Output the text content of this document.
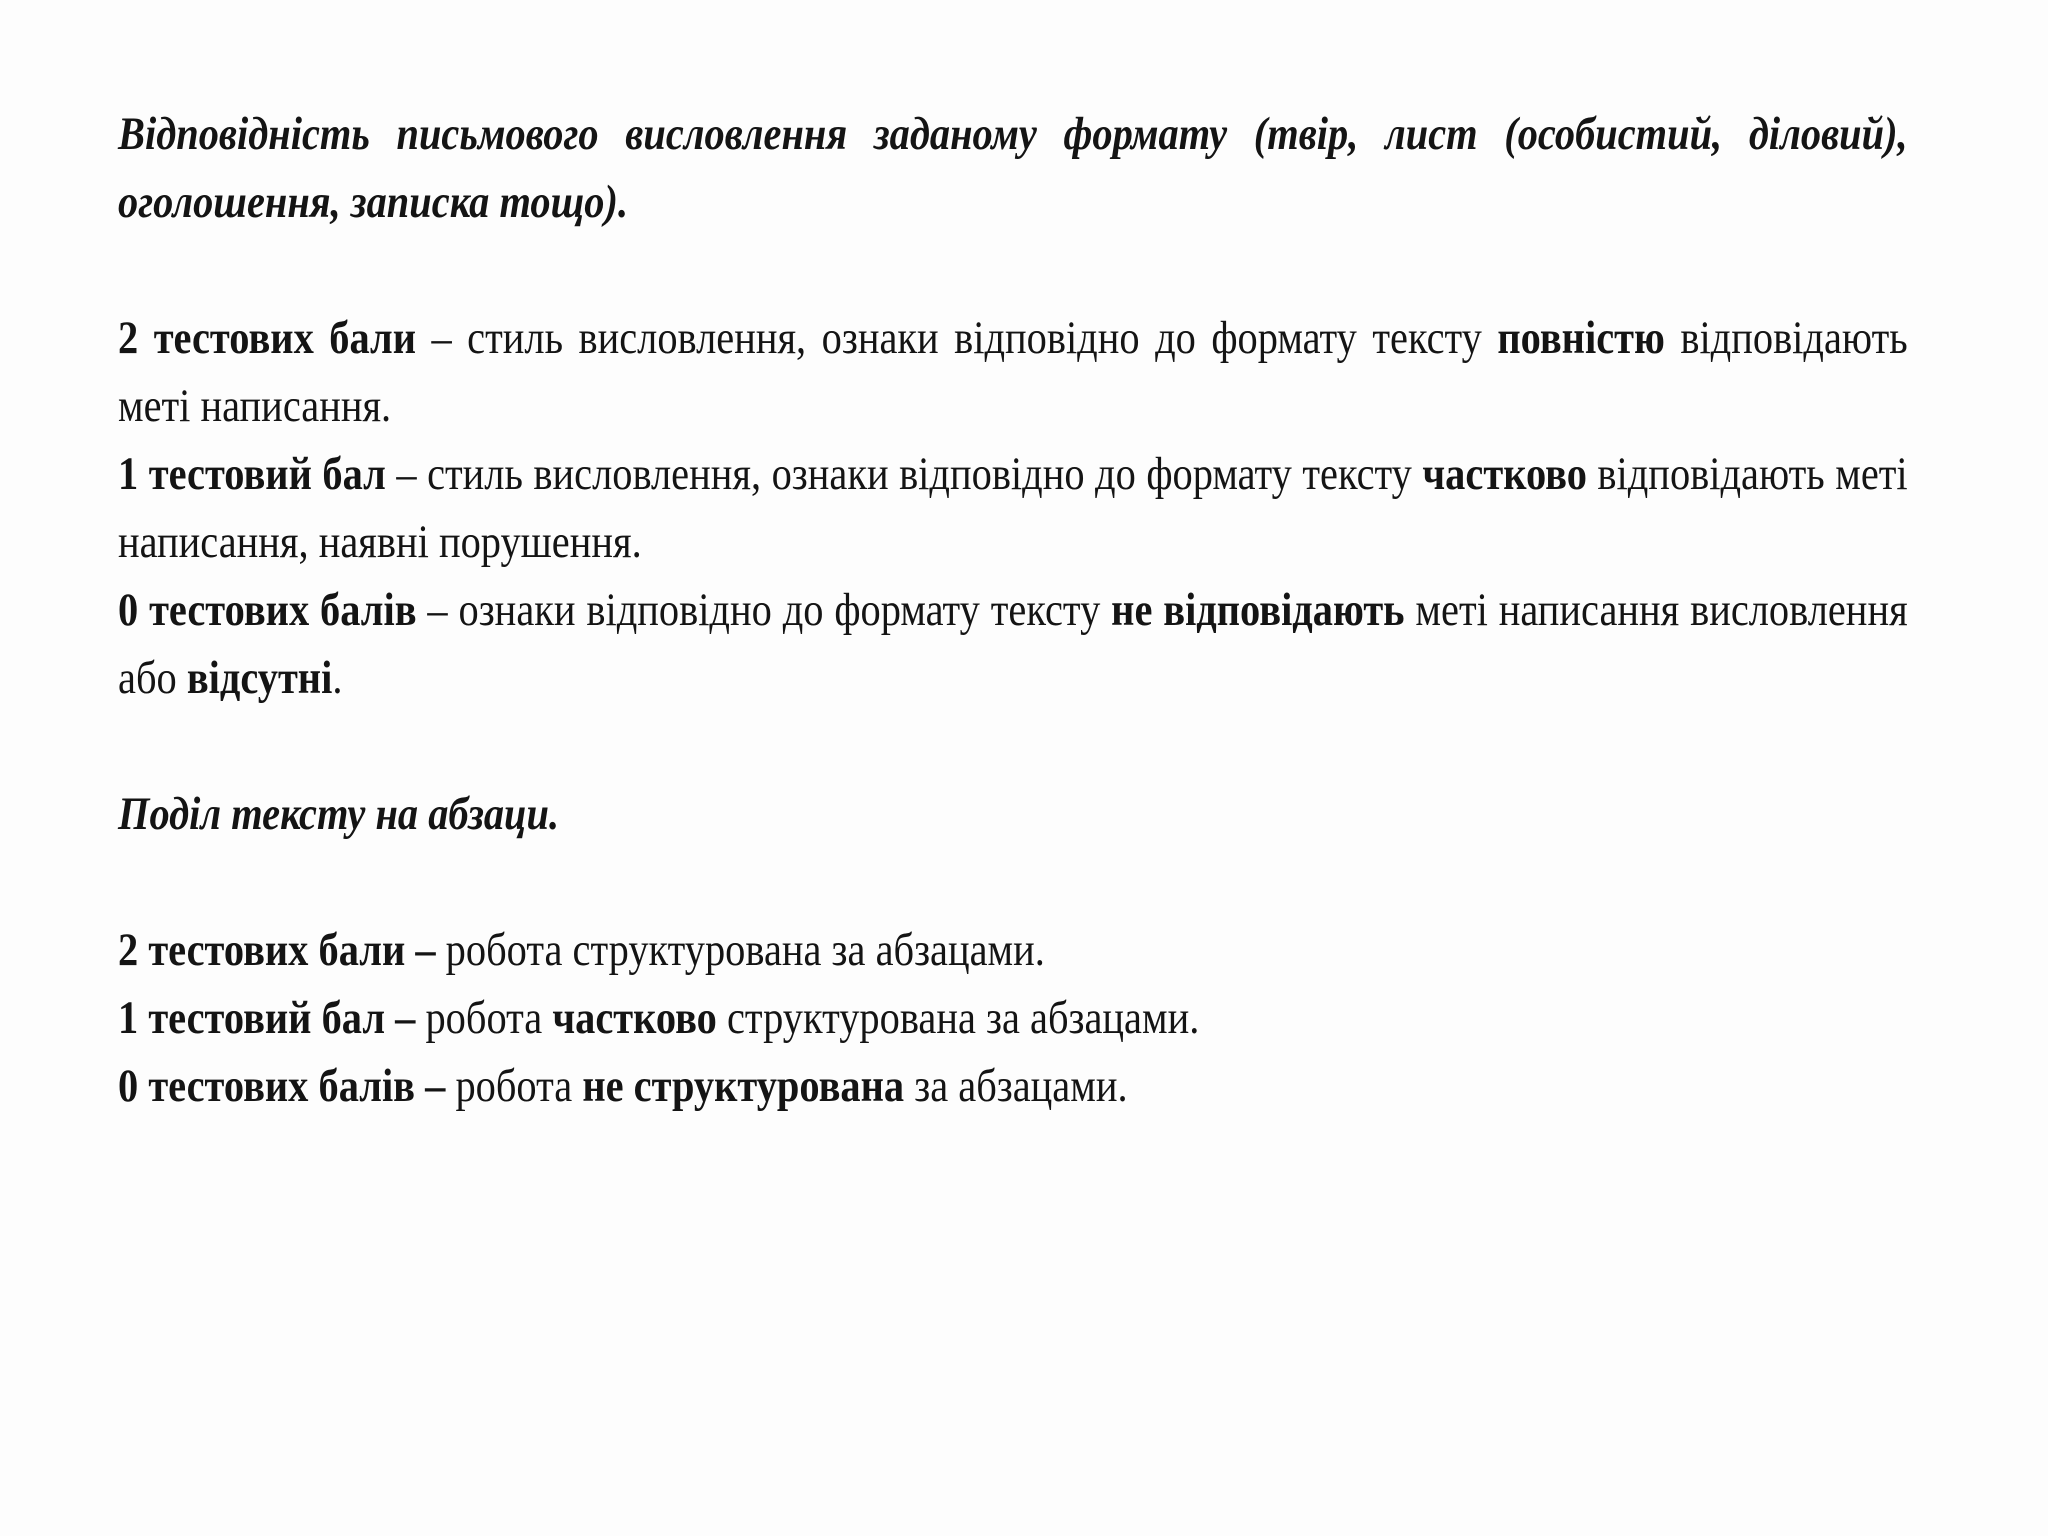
Відповідність письмового висловлення заданому формату (твір, лист (особистий, діловий), оголошення, записка тощо).

2 тестових бали – стиль висловлення, ознаки відповідно до формату тексту повністю відповідають меті написання.

1 тестовий бал – стиль висловлення, ознаки відповідно до формату тексту частково відповідають меті написання, наявні порушення.

0 тестових балів – ознаки відповідно до формату тексту не відповідають меті написання висловлення або відсутні.

Поділ тексту на абзаци.

2 тестових бали – робота структурована за абзацами.

1 тестовий бал – робота частково структурована за абзацами.

0 тестових балів – робота не структурована за абзацами.
